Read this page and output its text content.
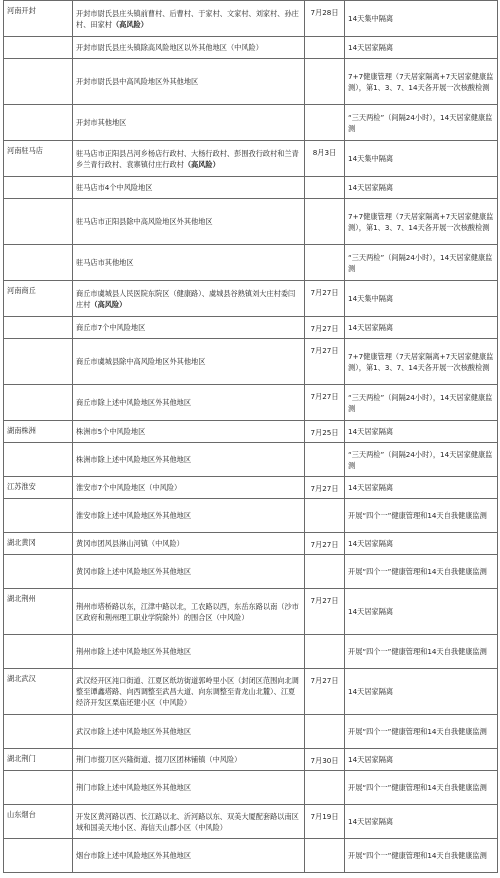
河南开封	开封市尉氏县庄头镇前曹村、后曹村、于家村、文家村、刘家村、孙庄村、田家村（高风险）	7月28日	14天集中隔离
	开封市尉氏县庄头镇除高风险地区以外其他地区（中风险）		14天居家隔离
	开封市尉氏县中高风险地区外其他地区		7+7健康管理（7天居家隔离+7天居家健康监测），第1、3、7、14天各开展一次核酸检测
	开封市其他地区		“三天两检”（间隔24小时），14天居家健康监测
河南驻马店	驻马店市正阳县吕河乡杨店行政村、大杨行政村、彭围孜行政村和兰青乡兰青行政村、袁寨镇付庄行政村（高风险）	8月3日	14天集中隔离
	驻马店市4个中风险地区		14天居家隔离
	驻马店市正阳县除中高风险地区外其他地区		7+7健康管理（7天居家隔离+7天居家健康监测），第1、3、7、14天各开展一次核酸检测
	驻马店市其他地区		“三天两检”（间隔24小时），14天居家健康监测
河南商丘	商丘市虞城县人民医院东院区（健康路）、虞城县谷熟镇刘大庄村委闫庄村（高风险）	7月27日	14天集中隔离
	商丘市7个中风险地区	7月27日	14天居家隔离
	商丘市虞城县除中高风险地区外其他地区	7月27日	7+7健康管理（7天居家隔离+7天居家健康监测），第1、3、7、14天各开展一次核酸检测
	商丘市除上述中风险地区外其他地区	7月27日	“三天两检”（间隔24小时），14天居家健康监测
湖南株洲	株洲市5个中风险地区	7月25日	14天居家隔离
	株洲市除上述中风险地区外其他地区		“三天两检”（间隔24小时），14天居家健康监测
江苏淮安	淮安市7个中风险地区（中风险）	7月27日	14天居家隔离
	淮安市除上述中风险地区外其他地区		开展“四个一”健康管理和14天自我健康监测
湖北黄冈	黄冈市团风县淋山河镇（中风险）	7月27日	14天居家隔离
	黄冈市除上述中风险地区外其他地区		开展“四个一”健康管理和14天自我健康监测
湖北荆州	荆州市塔桥路以东，江津中路以北，工农路以西，东岳东路以南（沙市区政府和荆州理工职业学院除外）的围合区（中风险）	7月27日	14天居家隔离
	荆州市除上述中风险地区外其他地区		开展“四个一”健康管理和14天自我健康监测
湖北武汉	武汉经开区沌口街道、江夏区纸坊街道郭岭里小区（封闭区范围向北调整至谭鑫塔路、向西调整至武昌大道、向东调整至青龙山北麓）、江夏经济开发区栗庙还建小区（中风险）	7月27日	14天居家隔离
	武汉市除上述中风险地区外其他地区		开展“四个一”健康管理和14天自我健康监测
湖北荆门	荆门市掇刀区兴隆街道、掇刀区团林铺镇（中风险）	7月30日	14天居家隔离
	荆门市除上述中风险地区外其他地区		开展“四个一”健康管理和14天自我健康监测
山东烟台	开发区黄河路以西、长江路以北、沂河路以东、双美大厦配套路以南区域和国美天地小区、海信天山郡小区（中风险）	7月19日	14天居家隔离
	烟台市除上述中风险地区外其他地区		开展“四个一”健康管理和14天自我健康监测
